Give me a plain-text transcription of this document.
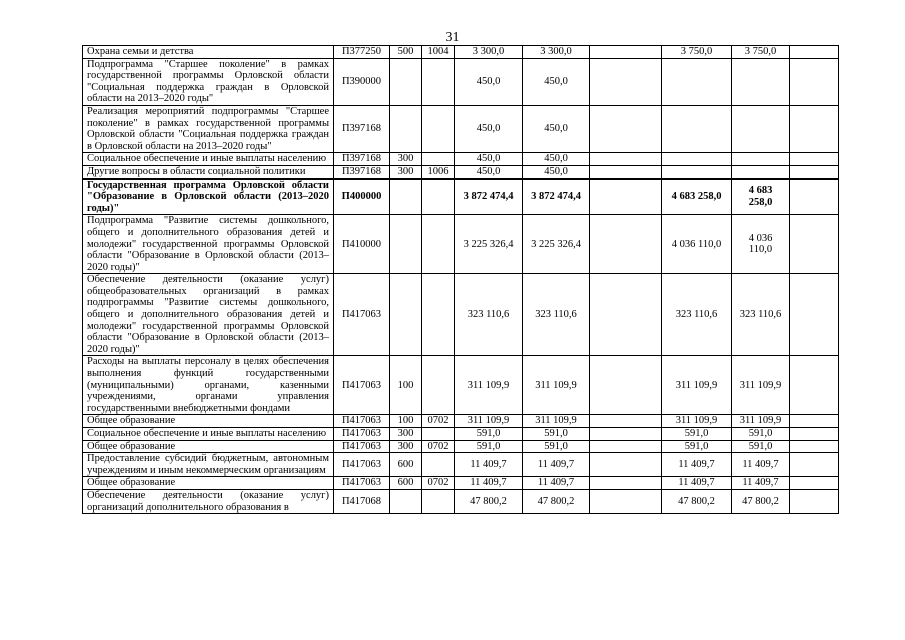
31
Охрана семьи и детства	П377250	500	1004	3 300,0	3 300,0		3 750,0	3 750,0	
Подпрограмма "Старшее поколение" в рамках государственной программы Орловской области "Социальная поддержка граждан в Орловской области на 2013–2020 годы"	П390000			450,0	450,0				
Реализация мероприятий подпрограммы "Старшее поколение" в рамках государственной программы Орловской области "Социальная поддержка граждан в Орловской области на 2013–2020 годы"	П397168			450,0	450,0				
Социальное обеспечение и иные выплаты населению	П397168	300		450,0	450,0				
Другие вопросы в области социальной политики	П397168	300	1006	450,0	450,0				
Государственная программа Орловской области "Образование в Орловской области (2013–2020 годы)"	П400000			3 872 474,4	3 872 474,4		4 683 258,0	4 683 258,0	
Подпрограмма "Развитие системы дошкольного, общего и дополнительного образования детей и молодежи" государственной программы Орловской области "Образование в Орловской области (2013–2020 годы)"	П410000			3 225 326,4	3 225 326,4		4 036 110,0	4 036 110,0	
Обеспечение деятельности (оказание услуг) общеобразовательных организаций в рамках подпрограммы "Развитие системы дошкольного, общего и дополнительного образования детей и молодежи" государственной программы Орловской области "Образование в Орловской области (2013–2020 годы)"	П417063			323 110,6	323 110,6		323 110,6	323 110,6	
Расходы на выплаты персоналу в целях обеспечения выполнения функций государственными (муниципальными) органами, казенными учреждениями, органами управления государственными внебюджетными фондами	П417063	100		311 109,9	311 109,9		311 109,9	311 109,9	
Общее образование	П417063	100	0702	311 109,9	311 109,9		311 109,9	311 109,9	
Социальное обеспечение и иные выплаты населению	П417063	300		591,0	591,0		591,0	591,0	
Общее образование	П417063	300	0702	591,0	591,0		591,0	591,0	
Предоставление субсидий бюджетным, автономным учреждениям и иным некоммерческим организациям	П417063	600		11 409,7	11 409,7		11 409,7	11 409,7	
Общее образование	П417063	600	0702	11 409,7	11 409,7		11 409,7	11 409,7	
Обеспечение деятельности (оказание услуг) организаций дополнительного образования в	П417068			47 800,2	47 800,2		47 800,2	47 800,2	
